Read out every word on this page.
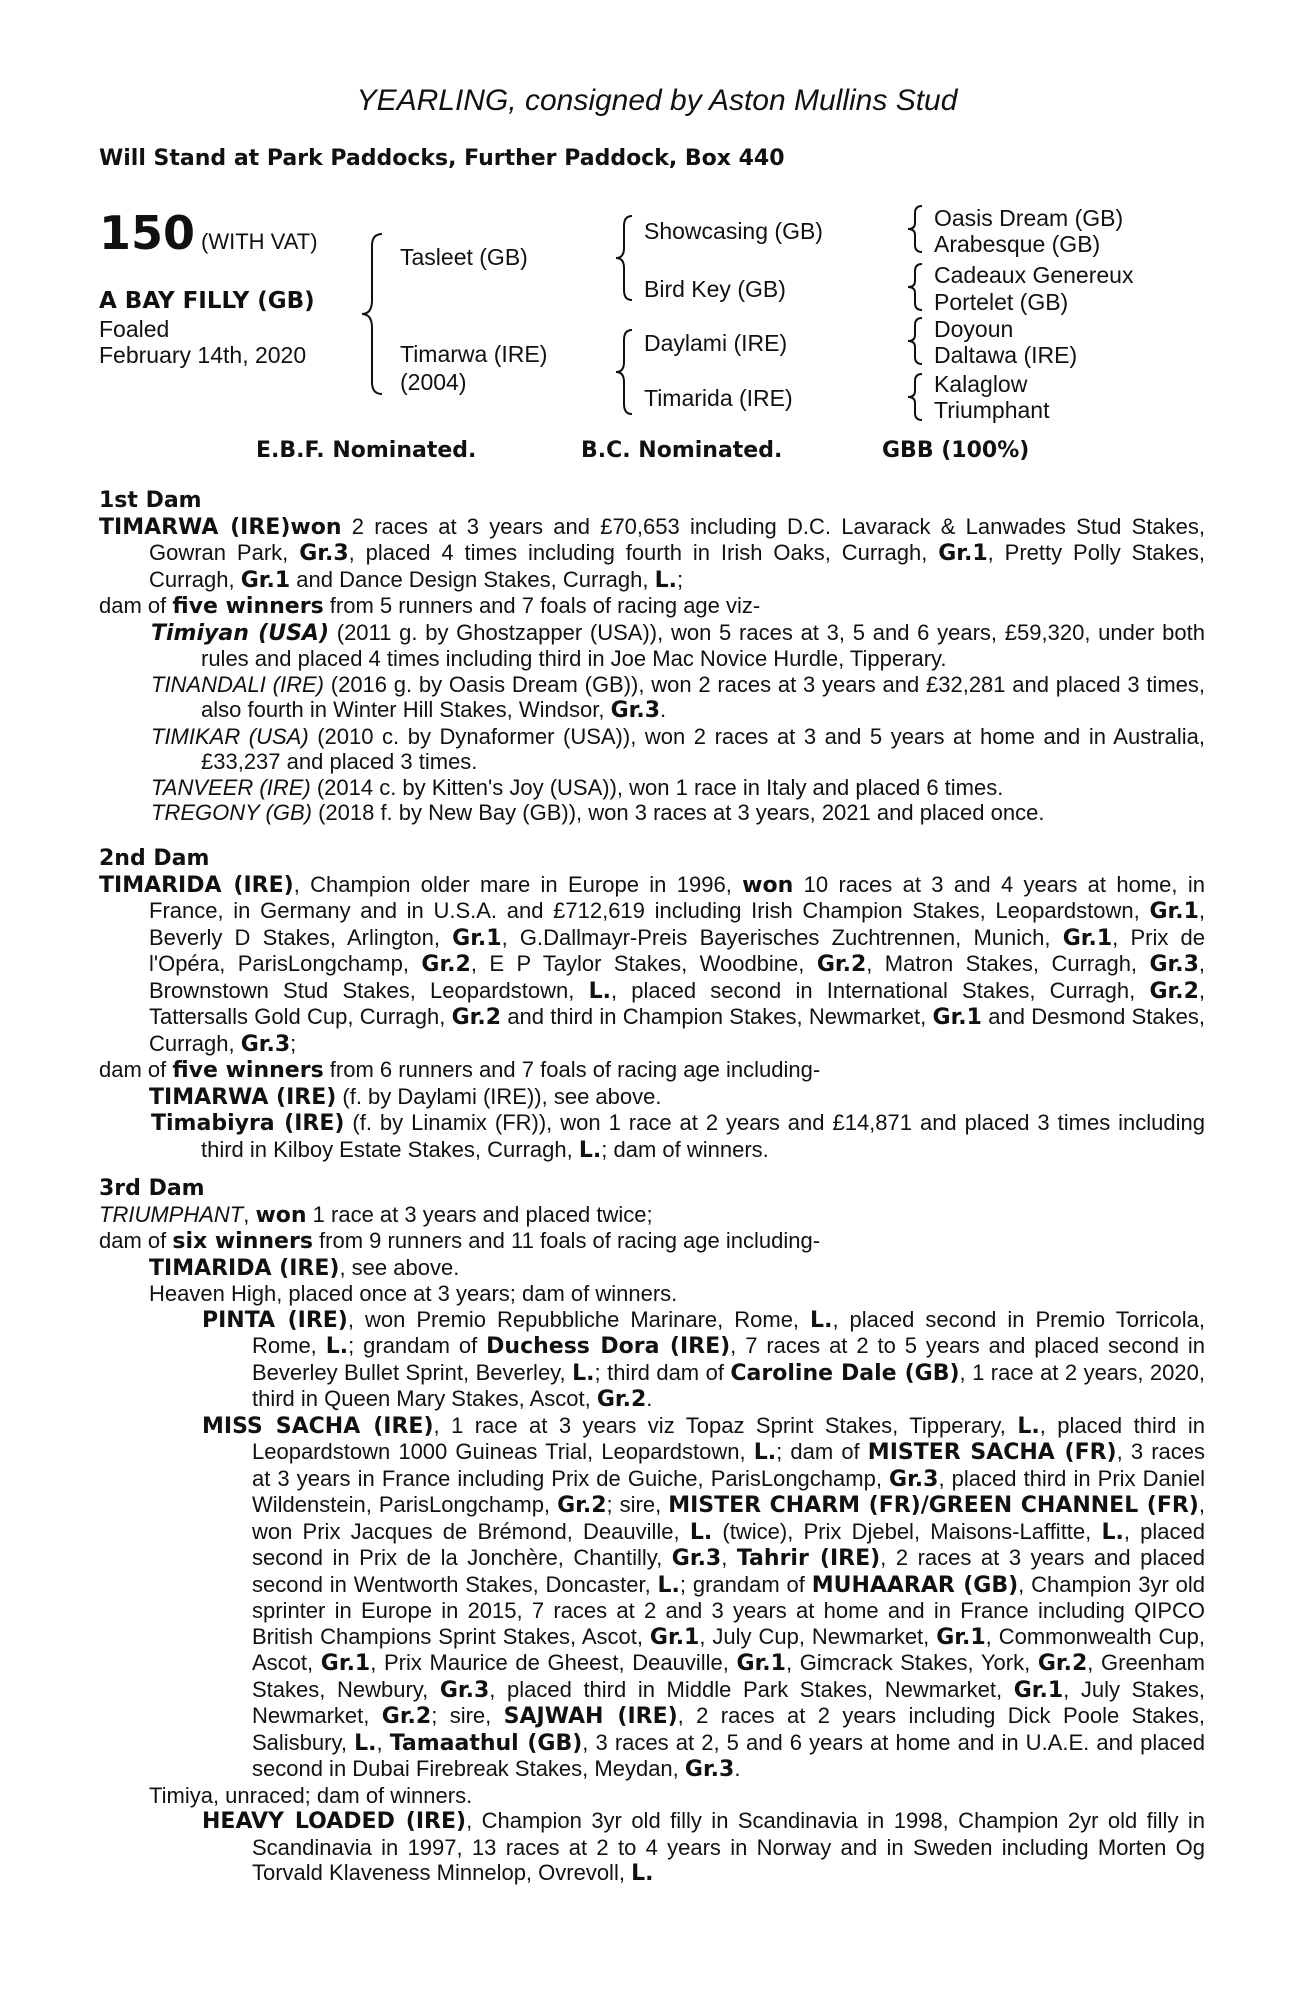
YEARLING, consigned by Aston Mullins Stud
Will Stand at Park Paddocks, Further Paddock, Box 440
150 (WITH VAT)
A BAY FILLY (GB)
Foaled
February 14th, 2020
Tasleet (GB)
Timarwa (IRE)
(2004)
Showcasing (GB)
Bird Key (GB)
Daylami (IRE)
Timarida (IRE)
Oasis Dream (GB)
Arabesque (GB)
Cadeaux Genereux
Portelet (GB)
Doyoun
Daltawa (IRE)
Kalaglow
Triumphant
E.B.F. Nominated.	B.C. Nominated.	GBB (100%)
1st Dam
TIMARWA (IRE)won 2 races at 3 years and £70,653 including D.C. Lavarack & Lanwades Stud Stakes, Gowran Park, Gr.3, placed 4 times including fourth in Irish Oaks, Curragh, Gr.1, Pretty Polly Stakes, Curragh, Gr.1 and Dance Design Stakes, Curragh, L.;
dam of five winners from 5 runners and 7 foals of racing age viz-
Timiyan (USA) (2011 g. by Ghostzapper (USA)), won 5 races at 3, 5 and 6 years, £59,320, under both rules and placed 4 times including third in Joe Mac Novice Hurdle, Tipperary.
TINANDALI (IRE) (2016 g. by Oasis Dream (GB)), won 2 races at 3 years and £32,281 and placed 3 times, also fourth in Winter Hill Stakes, Windsor, Gr.3.
TIMIKAR (USA) (2010 c. by Dynaformer (USA)), won 2 races at 3 and 5 years at home and in Australia, £33,237 and placed 3 times.
TANVEER (IRE) (2014 c. by Kitten's Joy (USA)), won 1 race in Italy and placed 6 times.
TREGONY (GB) (2018 f. by New Bay (GB)), won 3 races at 3 years, 2021 and placed once.
2nd Dam
TIMARIDA (IRE), Champion older mare in Europe in 1996, won 10 races at 3 and 4 years at home, in France, in Germany and in U.S.A. and £712,619 including Irish Champion Stakes, Leopardstown, Gr.1, Beverly D Stakes, Arlington, Gr.1, G.Dallmayr-Preis Bayerisches Zuchtrennen, Munich, Gr.1, Prix de l'Opéra, ParisLongchamp, Gr.2, E P Taylor Stakes, Woodbine, Gr.2, Matron Stakes, Curragh, Gr.3, Brownstown Stud Stakes, Leopardstown, L., placed second in International Stakes, Curragh, Gr.2, Tattersalls Gold Cup, Curragh, Gr.2 and third in Champion Stakes, Newmarket, Gr.1 and Desmond Stakes, Curragh, Gr.3;
dam of five winners from 6 runners and 7 foals of racing age including-
TIMARWA (IRE) (f. by Daylami (IRE)), see above.
Timabiyra (IRE) (f. by Linamix (FR)), won 1 race at 2 years and £14,871 and placed 3 times including third in Kilboy Estate Stakes, Curragh, L.; dam of winners.
3rd Dam
TRIUMPHANT, won 1 race at 3 years and placed twice;
dam of six winners from 9 runners and 11 foals of racing age including-
TIMARIDA (IRE), see above.
Heaven High, placed once at 3 years; dam of winners.
PINTA (IRE), won Premio Repubbliche Marinare, Rome, L., placed second in Premio Torricola, Rome, L.; grandam of Duchess Dora (IRE), 7 races at 2 to 5 years and placed second in Beverley Bullet Sprint, Beverley, L.; third dam of Caroline Dale (GB), 1 race at 2 years, 2020, third in Queen Mary Stakes, Ascot, Gr.2.
MISS SACHA (IRE), 1 race at 3 years viz Topaz Sprint Stakes, Tipperary, L., placed third in Leopardstown 1000 Guineas Trial, Leopardstown, L.; dam of MISTER SACHA (FR), 3 races at 3 years in France including Prix de Guiche, ParisLongchamp, Gr.3, placed third in Prix Daniel Wildenstein, ParisLongchamp, Gr.2; sire, MISTER CHARM (FR)/GREEN CHANNEL (FR), won Prix Jacques de Brémond, Deauville, L. (twice), Prix Djebel, Maisons-Laffitte, L., placed second in Prix de la Jonchère, Chantilly, Gr.3, Tahrir (IRE), 2 races at 3 years and placed second in Wentworth Stakes, Doncaster, L.; grandam of MUHAARAR (GB), Champion 3yr old sprinter in Europe in 2015, 7 races at 2 and 3 years at home and in France including QIPCO British Champions Sprint Stakes, Ascot, Gr.1, July Cup, Newmarket, Gr.1, Commonwealth Cup, Ascot, Gr.1, Prix Maurice de Gheest, Deauville, Gr.1, Gimcrack Stakes, York, Gr.2, Greenham Stakes, Newbury, Gr.3, placed third in Middle Park Stakes, Newmarket, Gr.1, July Stakes, Newmarket, Gr.2; sire, SAJWAH (IRE), 2 races at 2 years including Dick Poole Stakes, Salisbury, L., Tamaathul (GB), 3 races at 2, 5 and 6 years at home and in U.A.E. and placed second in Dubai Firebreak Stakes, Meydan, Gr.3.
Timiya, unraced; dam of winners.
HEAVY LOADED (IRE), Champion 3yr old filly in Scandinavia in 1998, Champion 2yr old filly in Scandinavia in 1997, 13 races at 2 to 4 years in Norway and in Sweden including Morten Og Torvald Klaveness Minnelop, Ovrevoll, L.
